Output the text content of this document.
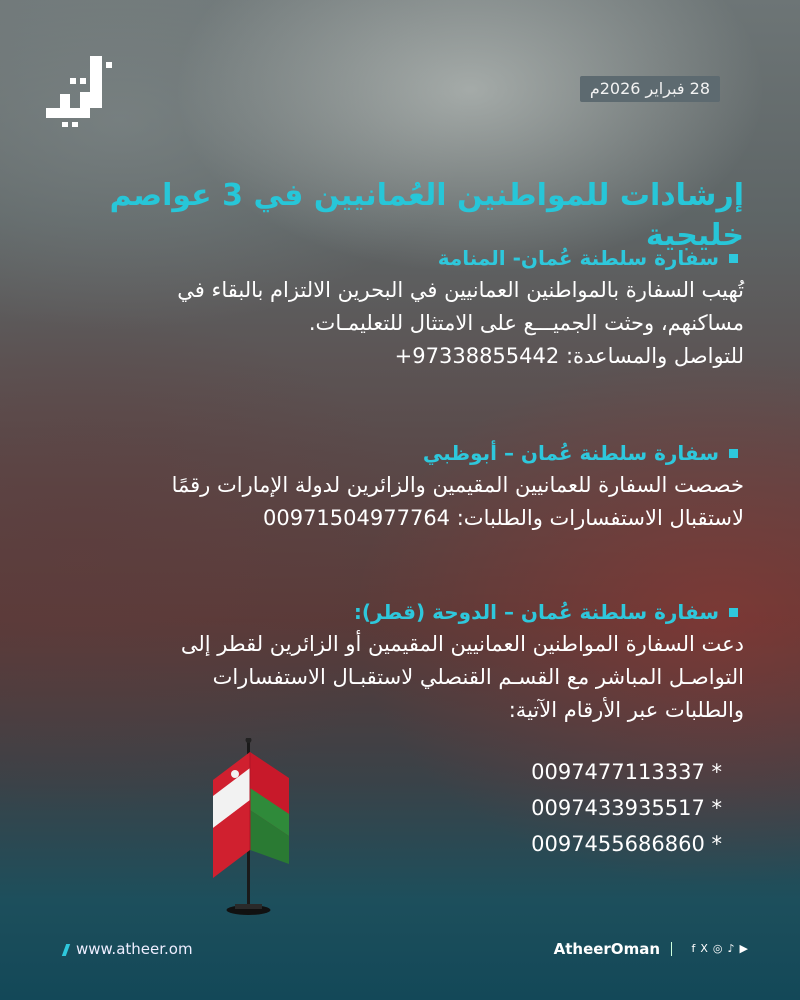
28 فبراير 2026م
إرشادات للمواطنين العُمانيين في 3 عواصم خليجية
سفارة سلطنة عُمان- المنامة

تُهيب السفارة بالمواطنين العمانيين في البحرين الالتزام بالبقاء في

مساكنهم، وحثت الجميـــع على الامتثال للتعليمـات.

للتواصل والمساعدة: +97338855442

سفارة سلطنة عُمان – أبوظبي

خصصت السفارة للعمانيين المقيمين والزائرين لدولة الإمارات رقمًا

لاستقبال الاستفسارات والطلبات: 00971504977764

سفارة سلطنة عُمان – الدوحة (قطر):

دعت السفارة المواطنين العمانيين المقيمين أو الزائرين لقطر إلى

التواصـل المباشر مع القسـم القنصلي لاستقبـال الاستفسارات

والطلبات عبر الأرقام الآتية:

* 0097477113337

* 0097433935517

* 0097455686860

www.atheer.om	AtheerOman	f X ◎ ♪ ▶
